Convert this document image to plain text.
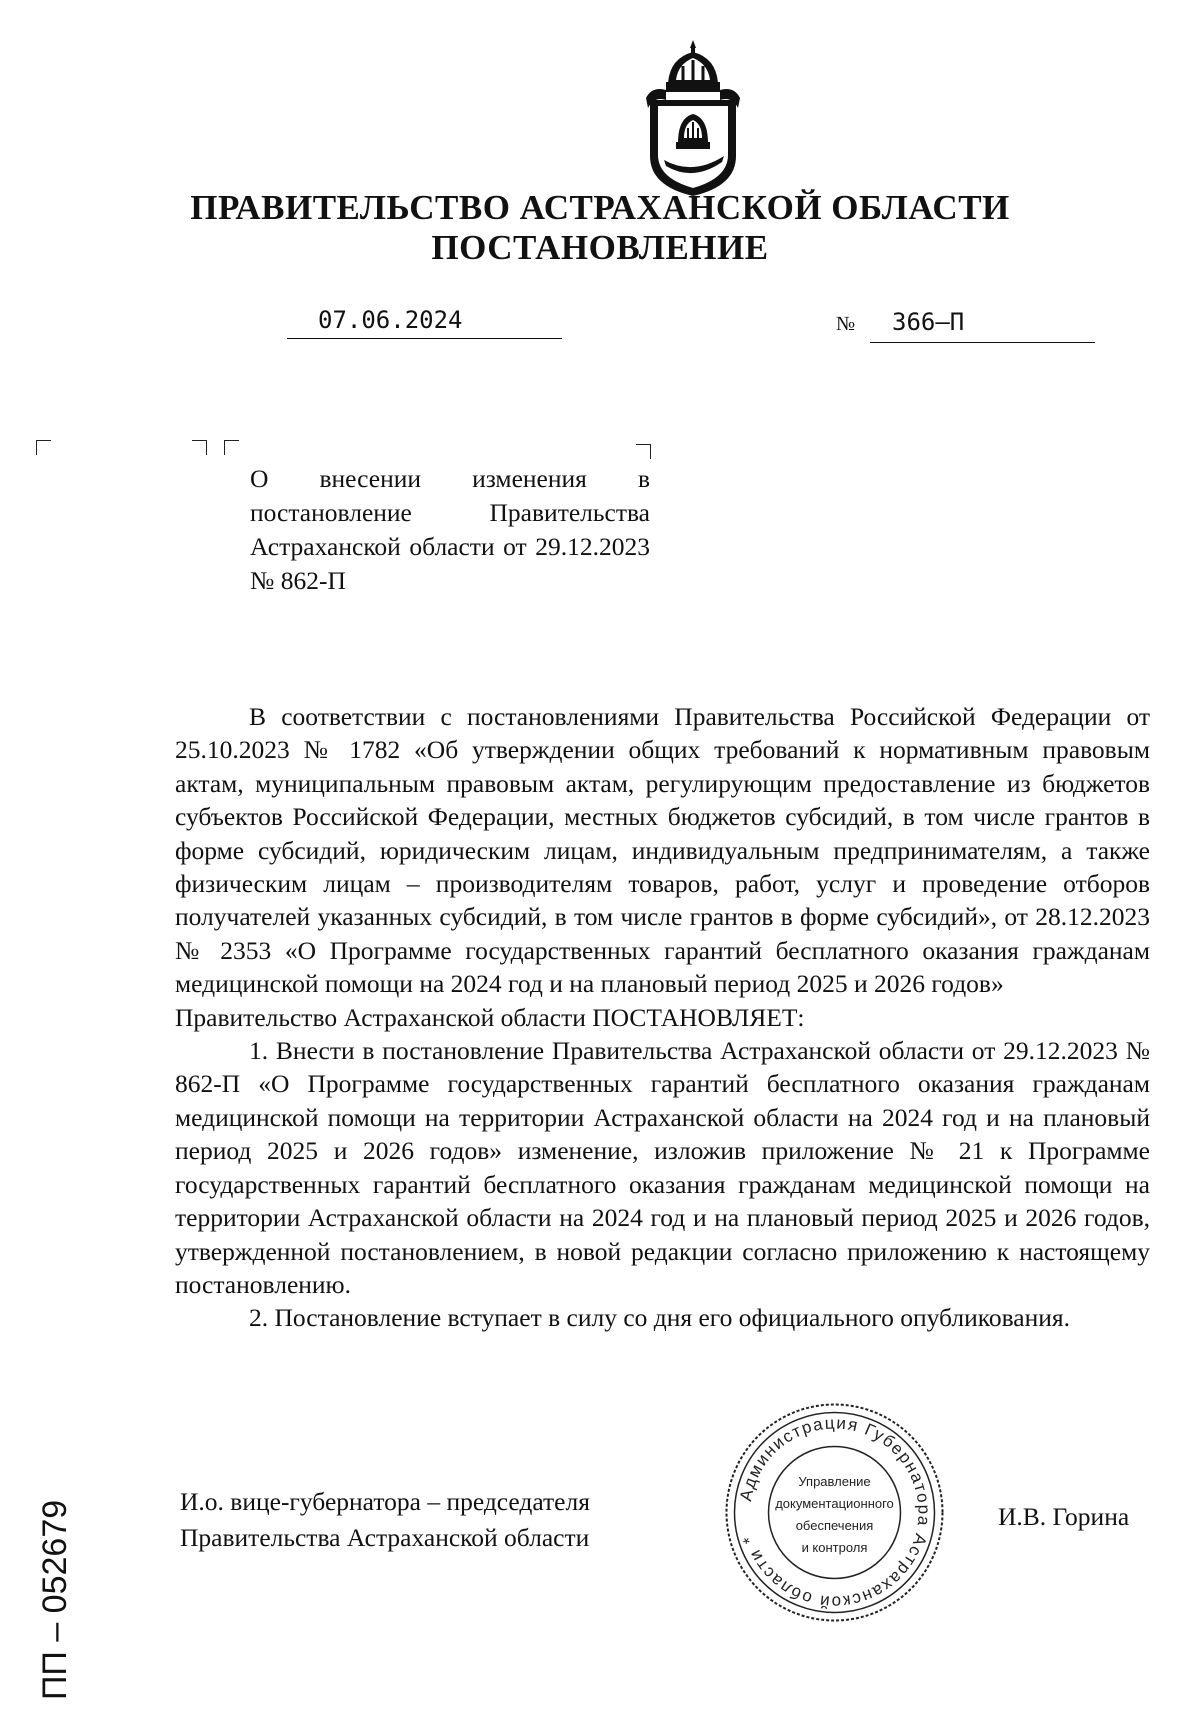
ПРАВИТЕЛЬСТВО АСТРАХАНСКОЙ ОБЛАСТИ
ПОСТАНОВЛЕНИЕ
07.06.2024	№ 366–П
О внесении изменения в постановление Правительства Астраханской области от 29.12.2023 № 862-П

В соответствии с постановлениями Правительства Российской Федерации от 25.10.2023 № 1782 «Об утверждении общих требований к нормативным правовым актам, муниципальным правовым актам, регулирующим предоставление из бюджетов субъектов Российской Федерации, местных бюджетов субсидий, в том числе грантов в форме субсидий, юридическим лицам, индивидуальным предпринимателям, а также физическим лицам – производителям товаров, работ, услуг и проведение отборов получателей указанных субсидий, в том числе грантов в форме субсидий», от 28.12.2023 № 2353 «О Программе государственных гарантий бесплатного оказания гражданам медицинской помощи на 2024 год и на плановый период 2025 и 2026 годов»

Правительство Астраханской области ПОСТАНОВЛЯЕТ:

1. Внести в постановление Правительства Астраханской области от 29.12.2023 № 862-П «О Программе государственных гарантий бесплатного оказания гражданам медицинской помощи на территории Астраханской области на 2024 год и на плановый период 2025 и 2026 годов» изменение, изложив приложение № 21 к Программе государственных гарантий бесплатного оказания гражданам медицинской помощи на территории Астраханской области на 2024 год и на плановый период 2025 и 2026 годов, утвержденной постановлением, в новой редакции согласно приложению к настоящему постановлению.

2. Постановление вступает в силу со дня его официального опубликования.

Администрация Губернатора Астраханской области *
Управление
документационного
обеспечения
и контроля
И.о. вице-губернатора – председателя
Правительства Астраханской области
И.В. Горина
ПП – 052679
